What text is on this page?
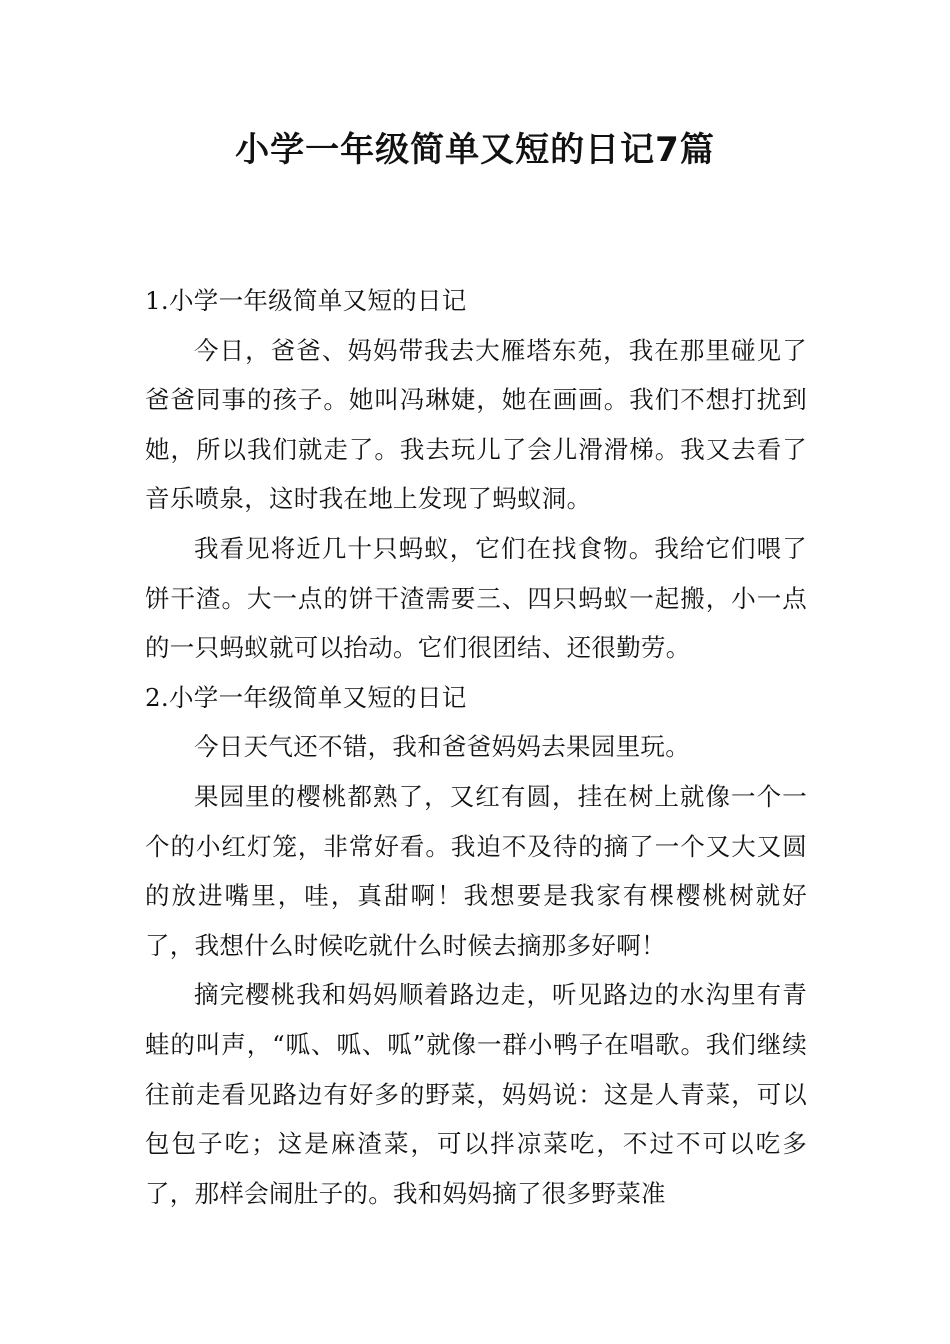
小学一年级简单又短的日记7篇
1.小学一年级简单又短的日记

今日，爸爸、妈妈带我去大雁塔东苑，我在那里碰见了爸爸同事的孩子。她叫冯琳婕，她在画画。我们不想打扰到她，所以我们就走了。我去玩儿了会儿滑滑梯。我又去看了音乐喷泉，这时我在地上发现了蚂蚁洞。

我看见将近几十只蚂蚁，它们在找食物。我给它们喂了饼干渣。大一点的饼干渣需要三、四只蚂蚁一起搬，小一点的一只蚂蚁就可以抬动。它们很团结、还很勤劳。

2.小学一年级简单又短的日记

今日天气还不错，我和爸爸妈妈去果园里玩。

果园里的樱桃都熟了，又红有圆，挂在树上就像一个一个的小红灯笼，非常好看。我迫不及待的摘了一个又大又圆的放进嘴里，哇，真甜啊！我想要是我家有棵樱桃树就好了，我想什么时候吃就什么时候去摘那多好啊！

摘完樱桃我和妈妈顺着路边走，听见路边的水沟里有青蛙的叫声，“呱、呱、呱”就像一群小鸭子在唱歌。我们继续往前走看见路边有好多的野菜，妈妈说：这是人青菜，可以包包子吃；这是麻渣菜，可以拌凉菜吃，不过不可以吃多了，那样会闹肚子的。我和妈妈摘了很多野菜准
